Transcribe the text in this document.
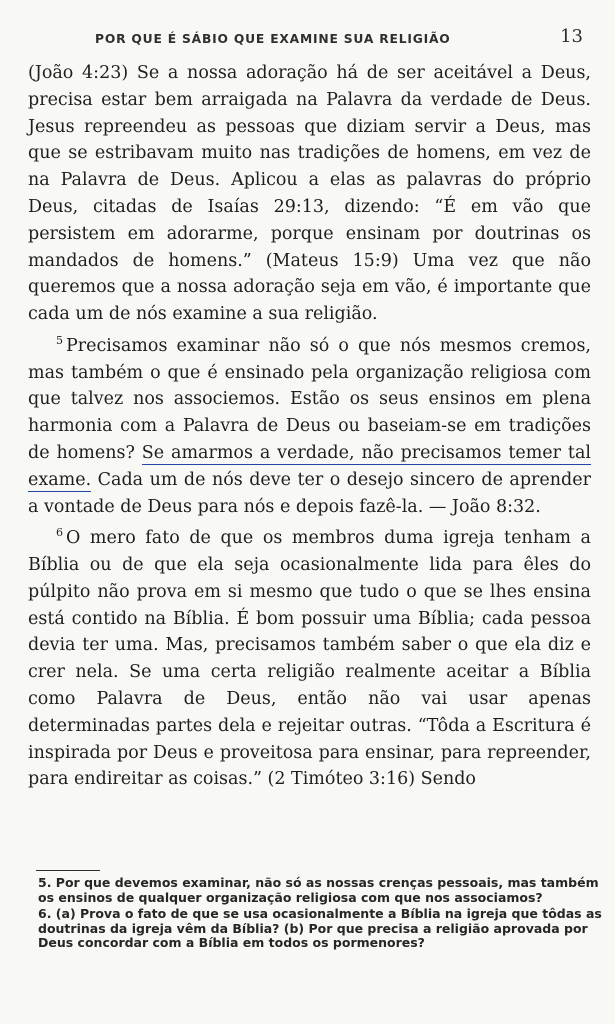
POR QUE É SÁBIO QUE EXAMINE SUA RELIGIÃO	13

(João 4:23) Se a nossa adoração há de ser aceitável a Deus, precisa estar bem arraigada na Palavra da verdade de Deus. Jesus repreendeu as pessoas que diziam servir a Deus, mas que se estribavam muito nas tradições de homens, em vez de na Palavra de Deus. Aplicou a elas as palavras do próprio Deus, citadas de Isaías 29:13, dizendo: “É em vão que persistem em adorarme, porque ensinam por doutrinas os mandados de homens.” (Mateus 15:9) Uma vez que não queremos que a nossa adoração seja em vão, é importante que cada um de nós examine a sua religião.

$^5$ Precisamos examinar não só o que nós mesmos cremos, mas também o que é ensinado pela organização religiosa com que talvez nos associemos. Estão os seus ensinos em plena harmonia com a Palavra de Deus ou baseiam-se em tradições de homens? Se amarmos a verdade, não precisamos temer tal exame. Cada um de nós deve ter o desejo sincero de aprender a vontade de Deus para nós e depois fazê-la. — João 8:32.

$^6$ O mero fato de que os membros duma igreja tenham a Bíblia ou de que ela seja ocasionalmente lida para êles do púlpito não prova em si mesmo que tudo o que se lhes ensina está contido na Bíblia. É bom possuir uma Bíblia; cada pessoa devia ter uma. Mas, precisamos também saber o que ela diz e crer nela. Se uma certa religião realmente aceitar a Bíblia como Palavra de Deus, então não vai usar apenas determinadas partes dela e rejeitar outras. “Tôda a Escritura é inspirada por Deus e proveitosa para ensinar, para repreender, para endireitar as coisas.” (2 Timóteo 3:16) Sendo

5. Por que devemos examinar, não só as nossas crenças pessoais, mas também os ensinos de qualquer organização religiosa com que nos associamos?

6. (a) Prova o fato de que se usa ocasionalmente a Bíblia na igreja que tôdas as doutrinas da igreja vêm da Bíblia? (b) Por que precisa a religião aprovada por Deus concordar com a Bíblia em todos os pormenores?
